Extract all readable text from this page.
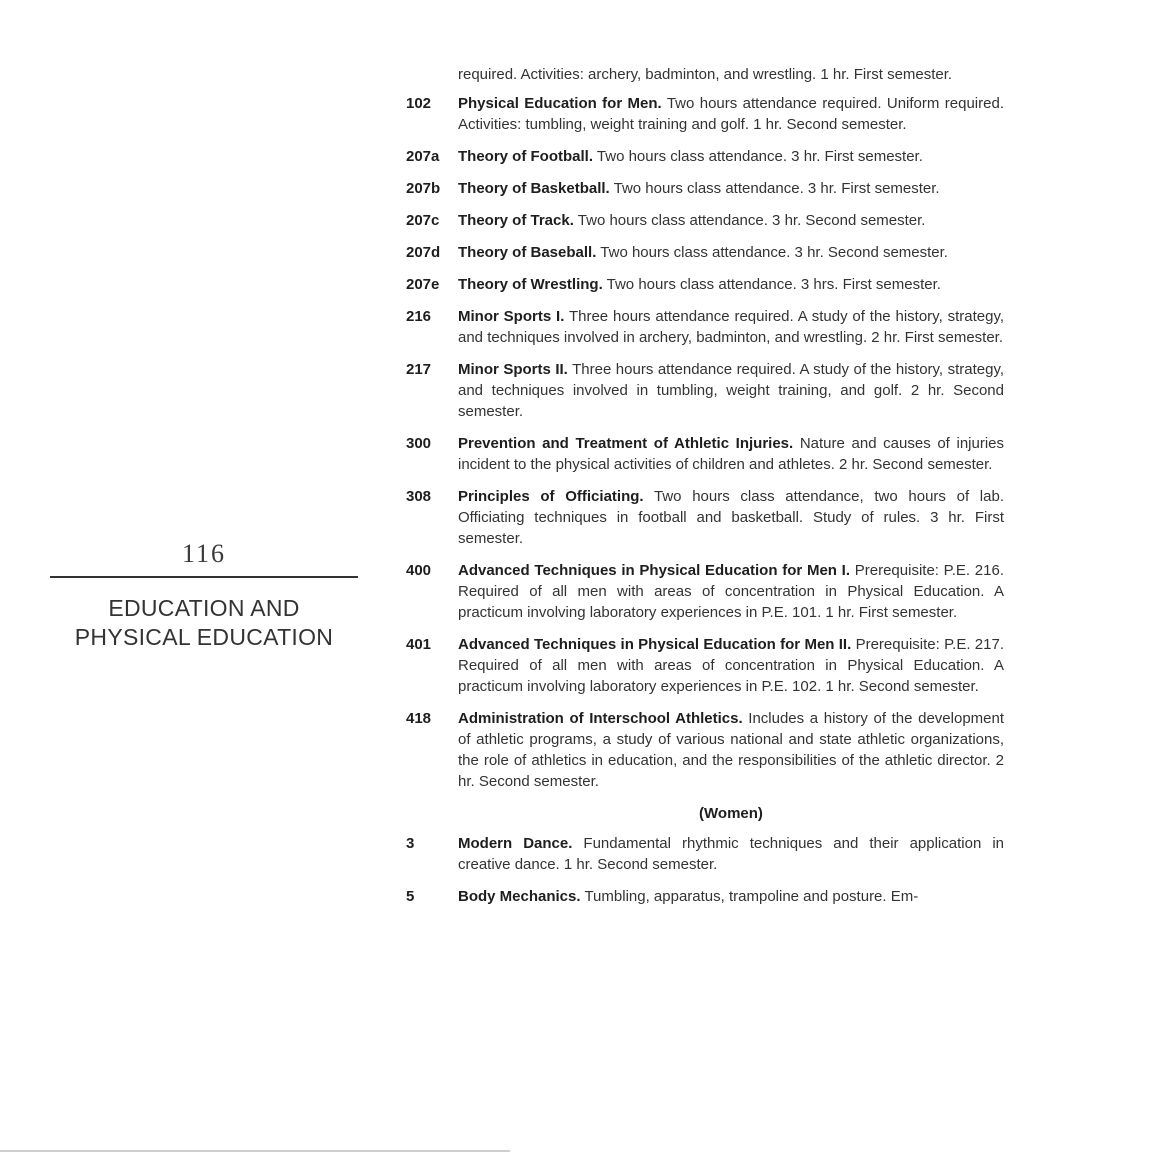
116
EDUCATION AND
PHYSICAL EDUCATION
required. Activities: archery, badminton, and wrestling. 1 hr. First semester.
102 Physical Education for Men. Two hours attendance required. Uniform required. Activities: tumbling, weight training and golf. 1 hr. Second semester.
207a Theory of Football. Two hours class attendance. 3 hr. First semester.
207b Theory of Basketball. Two hours class attendance. 3 hr. First semester.
207c Theory of Track. Two hours class attendance. 3 hr. Second semester.
207d Theory of Baseball. Two hours class attendance. 3 hr. Second semester.
207e Theory of Wrestling. Two hours class attendance. 3 hrs. First semester.
216 Minor Sports I. Three hours attendance required. A study of the history, strategy, and techniques involved in archery, badminton, and wrestling. 2 hr. First semester.
217 Minor Sports II. Three hours attendance required. A study of the history, strategy, and techniques involved in tumbling, weight training, and golf. 2 hr. Second semester.
300 Prevention and Treatment of Athletic Injuries. Nature and causes of injuries incident to the physical activities of children and athletes. 2 hr. Second semester.
308 Principles of Officiating. Two hours class attendance, two hours of lab. Officiating techniques in football and basketball. Study of rules. 3 hr. First semester.
400 Advanced Techniques in Physical Education for Men I. Prerequisite: P.E. 216. Required of all men with areas of concentration in Physical Education. A practicum involving laboratory experiences in P.E. 101. 1 hr. First semester.
401 Advanced Techniques in Physical Education for Men II. Prerequisite: P.E. 217. Required of all men with areas of concentration in Physical Education. A practicum involving laboratory experiences in P.E. 102. 1 hr. Second semester.
418 Administration of Interschool Athletics. Includes a history of the development of athletic programs, a study of various national and state athletic organizations, the role of athletics in education, and the responsibilities of the athletic director. 2 hr. Second semester.
(Women)
3	Modern Dance. Fundamental rhythmic techniques and their application in creative dance. 1 hr. Second semester.
5	Body Mechanics. Tumbling, apparatus, trampoline and posture. Em-
